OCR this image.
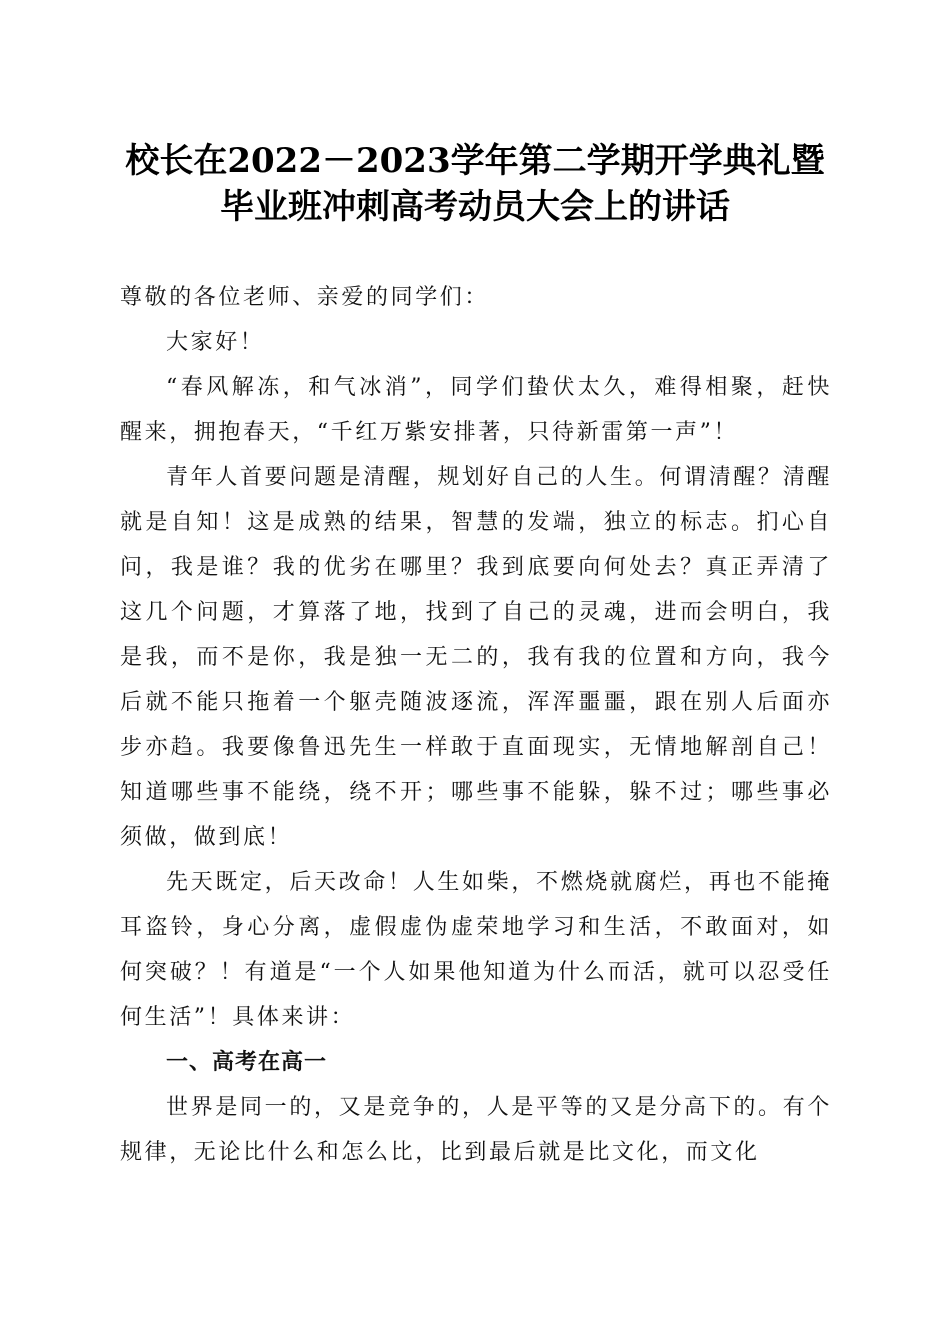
校长在2022－2023学年第二学期开学典礼暨
毕业班冲刺高考动员大会上的讲话

尊敬的各位老师、亲爱的同学们：

大家好！

“春风解冻，和气冰消”，同学们蛰伏太久，难得相聚，赶快醒来，拥抱春天，“千红万紫安排著，只待新雷第一声”！

青年人首要问题是清醒，规划好自己的人生。何谓清醒？清醒就是自知！这是成熟的结果，智慧的发端，独立的标志。扪心自问，我是谁？我的优劣在哪里？我到底要向何处去？真正弄清了这几个问题，才算落了地，找到了自己的灵魂，进而会明白，我是我，而不是你，我是独一无二的，我有我的位置和方向，我今后就不能只拖着一个躯壳随波逐流，浑浑噩噩，跟在别人后面亦步亦趋。我要像鲁迅先生一样敢于直面现实，无情地解剖自己！知道哪些事不能绕，绕不开；哪些事不能躲，躲不过；哪些事必须做，做到底！

先天既定，后天改命！人生如柴，不燃烧就腐烂，再也不能掩耳盗铃，身心分离，虚假虚伪虚荣地学习和生活，不敢面对，如何突破？！有道是“一个人如果他知道为什么而活，就可以忍受任何生活”！具体来讲：

一、高考在高一

世界是同一的，又是竞争的，人是平等的又是分高下的。有个规律，无论比什么和怎么比，比到最后就是比文化，而文化
